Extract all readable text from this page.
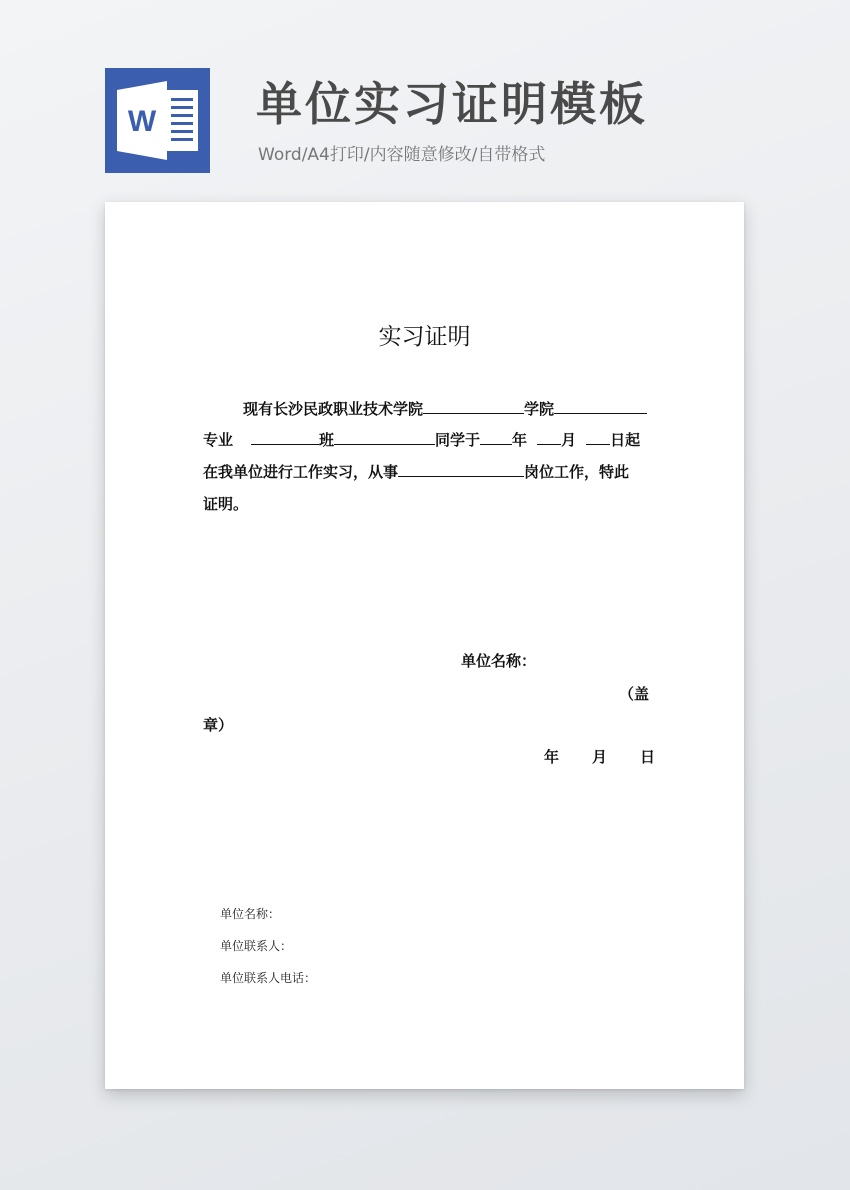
W 单位实习证明模板
Word/A4打印/内容随意修改/自带格式
实习证明
现有长沙民政职业技术学院	学院
专业	班	同学于 年 月 日起
在我单位进行工作实习，从事	岗位工作，特此
证明。
单位名称：
（盖
章）
年 月 日
单位名称：
单位联系人：
单位联系人电话：
